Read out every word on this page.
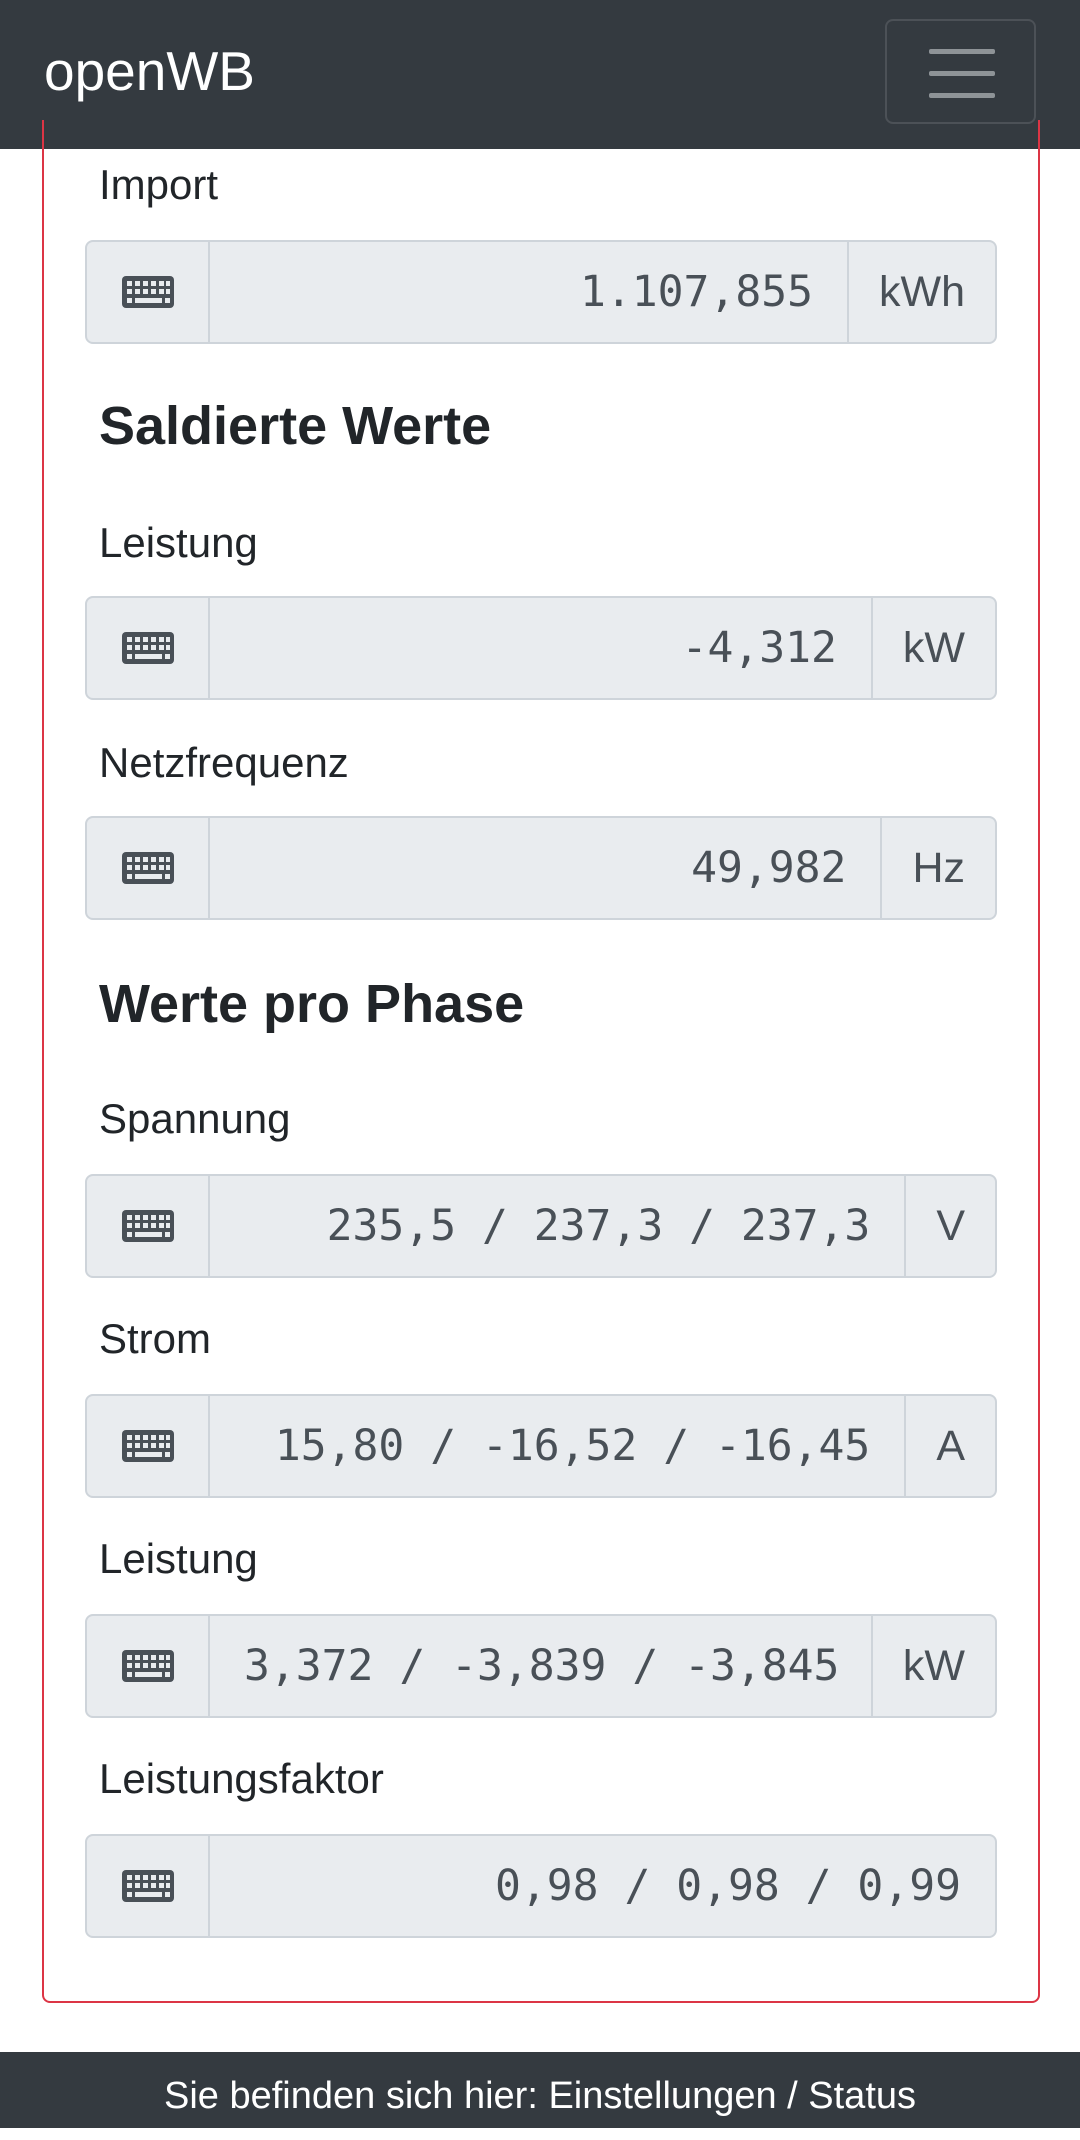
openWB
Import
1.107,855	kWh
Saldierte Werte
Leistung
-4,312	kW
Netzfrequenz
49,982	Hz
Werte pro Phase
Spannung
235,5 / 237,3 / 237,3	V
Strom
15,80 / -16,52 / -16,45	A
Leistung
3,372 / -3,839 / -3,845	kW
Leistungsfaktor
0,98 / 0,98 / 0,99
Sie befinden sich hier: Einstellungen / Status
